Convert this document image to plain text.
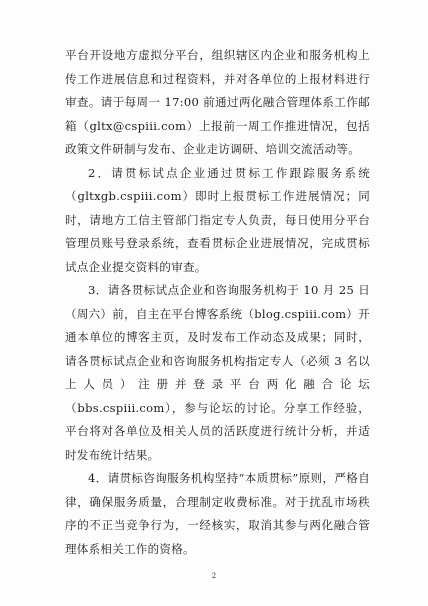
平台开设地方虚拟分平台，组织辖区内企业和服务机构上传工作进展信息和过程资料，并对各单位的上报材料进行审查。请于每周一 17:00 前通过两化融合管理体系工作邮箱（gltx@cspiii.com）上报前一周工作推进情况，包括政策文件研制与发布、企业走访调研、培训交流活动等。

2．请贯标试点企业通过贯标工作跟踪服务系统（gltxgb.cspiii.com）即时上报贯标工作进展情况；同时，请地方工信主管部门指定专人负责，每日使用分平台管理员账号登录系统，查看贯标企业进展情况，完成贯标试点企业提交资料的审查。

3．请各贯标试点企业和咨询服务机构于 10 月 25 日（周六）前，自主在平台博客系统（blog.cspiii.com）开通本单位的博客主页，及时发布工作动态及成果；同时，请各贯标试点企业和咨询服务机构指定专人（必须 3 名以上人员）注册并登录平台两化融合论坛（bbs.cspiii.com），参与论坛的讨论。分享工作经验，平台将对各单位及相关人员的活跃度进行统计分析，并适时发布统计结果。

4．请贯标咨询服务机构坚持“本质贯标”原则，严格自律，确保服务质量，合理制定收费标准。对于扰乱市场秩序的不正当竞争行为，一经核实，取消其参与两化融合管理体系相关工作的资格。

2
